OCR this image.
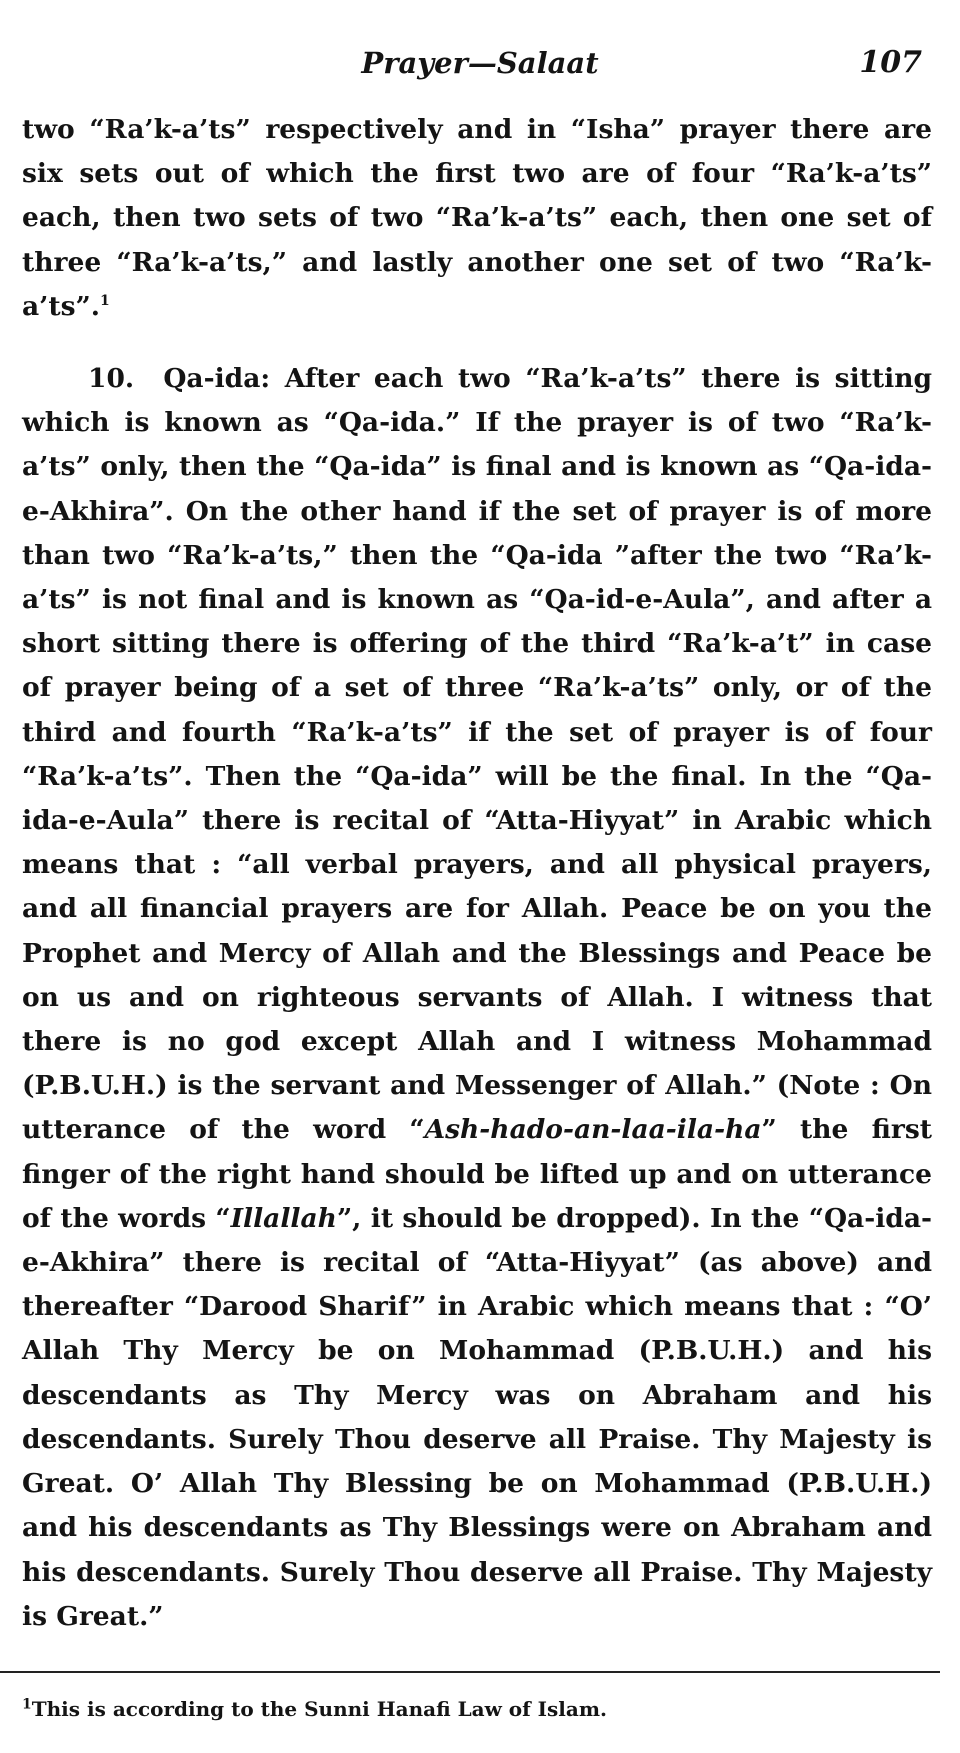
Prayer—Salaat	107

two “Ra’k-a’ts” respectively and in “Isha” prayer there are six sets out of which the first two are of four “Ra’k-a’ts” each, then two sets of two “Ra’k-a’ts” each, then one set of three “Ra’k-a’ts,” and lastly another one set of two “Ra’k-a’ts”.$^1$

10. Qa-ida: After each two “Ra’k-a’ts” there is sitting which is known as “Qa-ida.” If the prayer is of two “Ra’k-a’ts” only, then the “Qa-ida” is final and is known as “Qa-ida-e-Akhira”. On the other hand if the set of prayer is of more than two “Ra’k-a’ts,” then the “Qa-ida ”after the two “Ra’k-a’ts” is not final and is known as “Qa-id-e-Aula”, and after a short sitting there is offering of the third “Ra’k-a’t” in case of prayer being of a set of three “Ra’k-a’ts” only, or of the third and fourth “Ra’k-a’ts” if the set of prayer is of four “Ra’k-a’ts”. Then the “Qa-ida” will be the final. In the “Qa-ida-e-Aula” there is recital of “Atta-Hiyyat” in Arabic which means that : “all verbal prayers, and all physical prayers, and all financial prayers are for Allah. Peace be on you the Prophet and Mercy of Allah and the Blessings and Peace be on us and on righteous servants of Allah. I witness that there is no god except Allah and I witness Mohammad (P.B.U.H.) is the servant and Messenger of Allah.” (Note : On utterance of the word “Ash-hado-an-laa-ila-ha” the first finger of the right hand should be lifted up and on utterance of the words “Illallah”, it should be dropped). In the “Qa-ida-e-Akhira” there is recital of “Atta-Hiyyat” (as above) and thereafter “Darood Sharif” in Arabic which means that : “O’ Allah Thy Mercy be on Mohammad (P.B.U.H.) and his descendants as Thy Mercy was on Abraham and his descendants. Surely Thou deserve all Praise. Thy Majesty is Great. O’ Allah Thy Blessing be on Mohammad (P.B.U.H.) and his descendants as Thy Blessings were on Abraham and his descendants. Surely Thou deserve all Praise. Thy Majesty is Great.”

$^1$This is according to the Sunni Hanafi Law of Islam.
